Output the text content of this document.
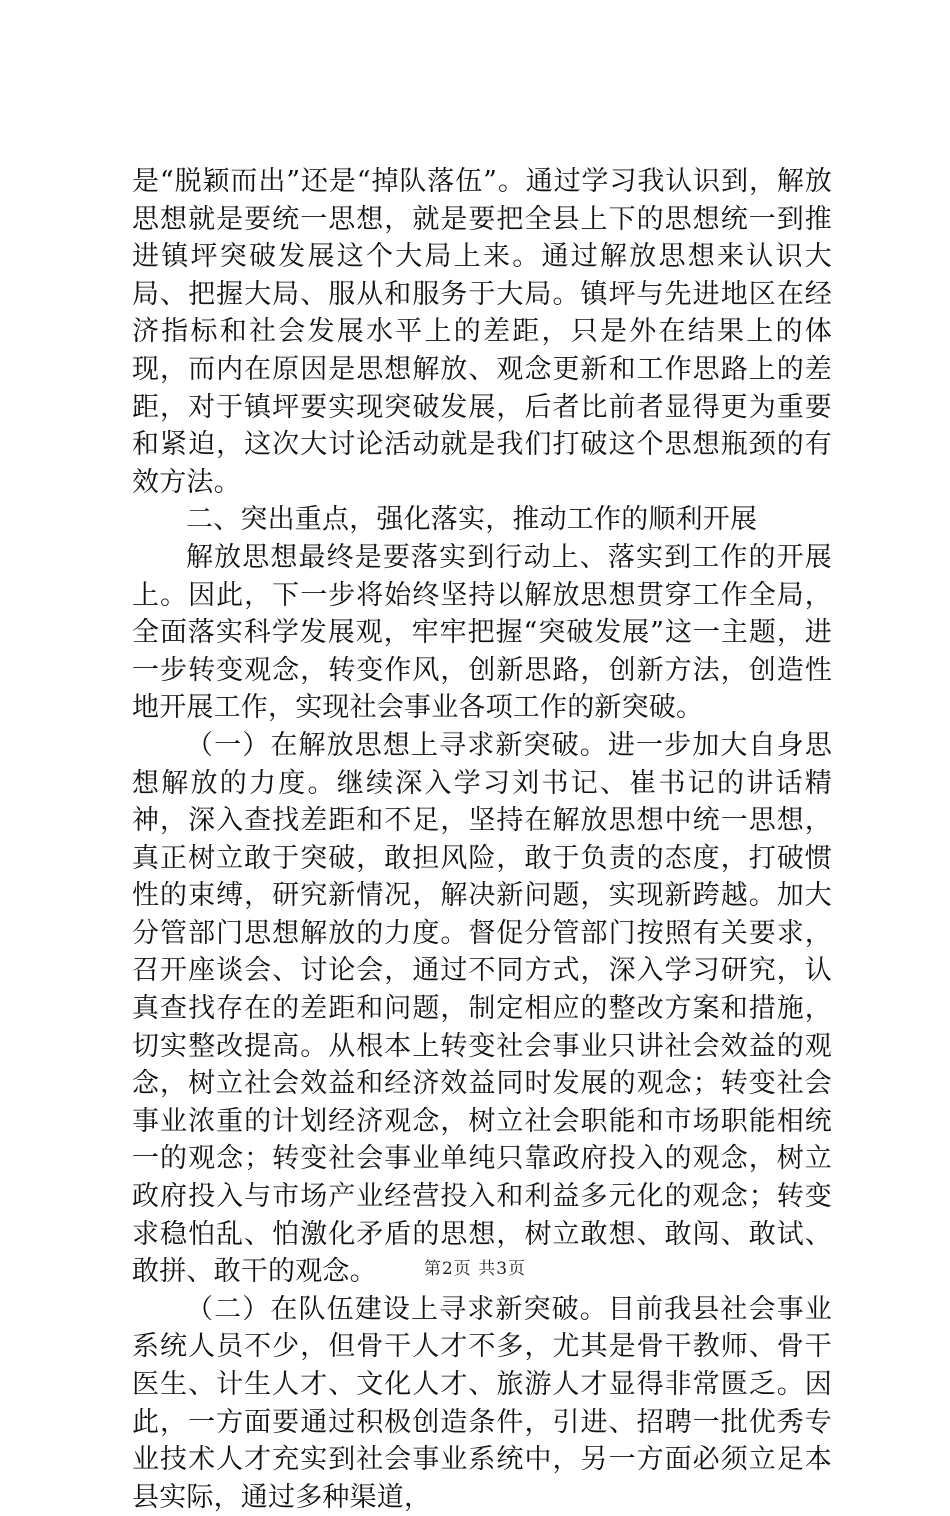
是“脱颖而出”还是“掉队落伍”。通过学习我认识到，解放思想就是要统一思想，就是要把全县上下的思想统一到推进镇坪突破发展这个大局上来。通过解放思想来认识大局、把握大局、服从和服务于大局。镇坪与先进地区在经济指标和社会发展水平上的差距，只是外在结果上的体现，而内在原因是思想解放、观念更新和工作思路上的差距，对于镇坪要实现突破发展，后者比前者显得更为重要和紧迫，这次大讨论活动就是我们打破这个思想瓶颈的有效方法。

二、突出重点，强化落实，推动工作的顺利开展

解放思想最终是要落实到行动上、落实到工作的开展上。因此，下一步将始终坚持以解放思想贯穿工作全局，全面落实科学发展观，牢牢把握“突破发展”这一主题，进一步转变观念，转变作风，创新思路，创新方法，创造性地开展工作，实现社会事业各项工作的新突破。

（一）在解放思想上寻求新突破。进一步加大自身思想解放的力度。继续深入学习刘书记、崔书记的讲话精神，深入查找差距和不足，坚持在解放思想中统一思想，真正树立敢于突破，敢担风险，敢于负责的态度，打破惯性的束缚，研究新情况，解决新问题，实现新跨越。加大分管部门思想解放的力度。督促分管部门按照有关要求，召开座谈会、讨论会，通过不同方式，深入学习研究，认真查找存在的差距和问题，制定相应的整改方案和措施，切实整改提高。从根本上转变社会事业只讲社会效益的观念，树立社会效益和经济效益同时发展的观念；转变社会事业浓重的计划经济观念，树立社会职能和市场职能相统一的观念；转变社会事业单纯只靠政府投入的观念，树立政府投入与市场产业经营投入和利益多元化的观念；转变求稳怕乱、怕激化矛盾的思想，树立敢想、敢闯、敢试、敢拼、敢干的观念。

（二）在队伍建设上寻求新突破。目前我县社会事业系统人员不少，但骨干人才不多，尤其是骨干教师、骨干医生、计生人才、文化人才、旅游人才显得非常匮乏。因此，一方面要通过积极创造条件，引进、招聘一批优秀专业技术人才充实到社会事业系统中，另一方面必须立足本县实际，通过多种渠道，

第2页 共3页
